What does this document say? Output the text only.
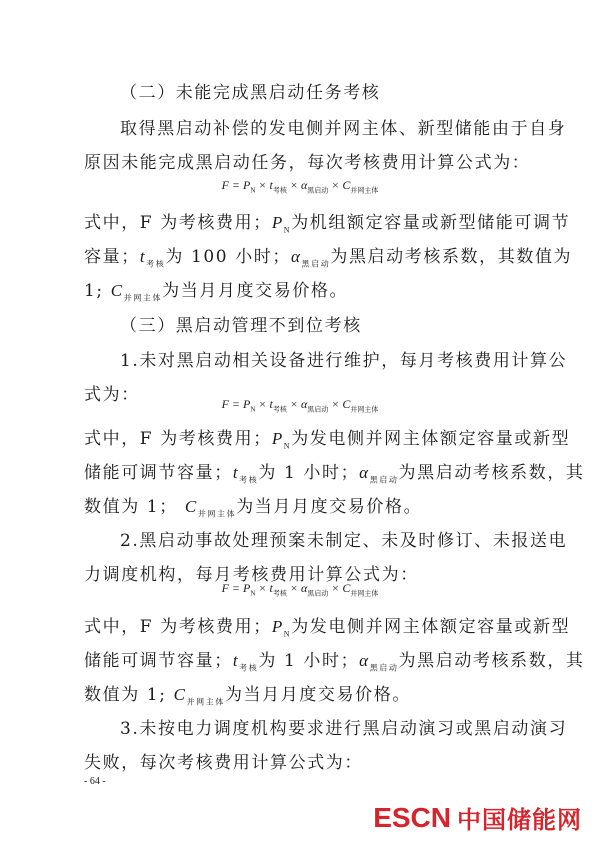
（二）未能完成黑启动任务考核
取得黑启动补偿的发电侧并网主体、新型储能由于自身
原因未能完成黑启动任务，每次考核费用计算公式为：
$F = P_N \times t_{考核} \times \alpha_{黑启动} \times C_{并网主体}$
式中，F 为考核费用；$P_N$为机组额定容量或新型储能可调节
容量；$t_{考核}$为 100 小时；$\alpha_{黑启动}$为黑启动考核系数，其数值为
1; $C_{并网主体}$为当月月度交易价格。
（三）黑启动管理不到位考核
1.未对黑启动相关设备进行维护，每月考核费用计算公
式为：	$F = P_N \times t_{考核} \times \alpha_{黑启动} \times C_{并网主体}$
式中，F 为考核费用；$P_N$为发电侧并网主体额定容量或新型
储能可调节容量；$t_{考核}$为 1 小时；$\alpha_{黑启动}$为黑启动考核系数，其
数值为 1； $C_{并网主体}$为当月月度交易价格。
2.黑启动事故处理预案未制定、未及时修订、未报送电
力调度机构，每月考核费用计算公式为：
$F = P_N \times t_{考核} \times \alpha_{黑启动} \times C_{并网主体}$
式中，F 为考核费用；$P_N$为发电侧并网主体额定容量或新型
储能可调节容量；$t_{考核}$为 1 小时；$\alpha_{黑启动}$为黑启动考核系数，其
数值为 1; $C_{并网主体}$为当月月度交易价格。
3.未按电力调度机构要求进行黑启动演习或黑启动演习
失败，每次考核费用计算公式为：
- 64 -
ESCN 中国储能网
